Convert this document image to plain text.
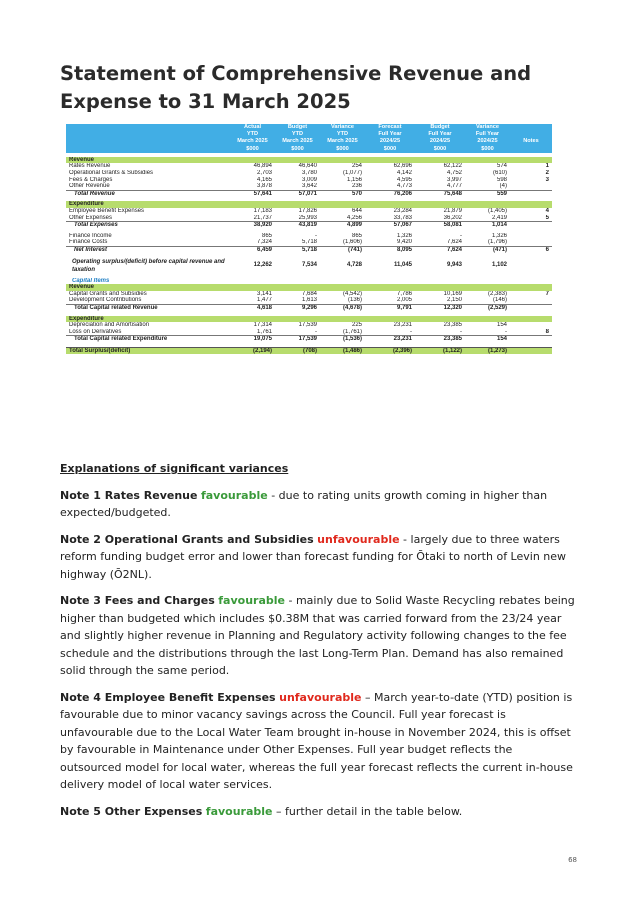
Statement of Comprehensive Revenue and Expense to 31 March 2025
	Actual	Budget	Variance	Forecast	Budget	Variance	
	YTD	YTD	YTD	Full Year	Full Year	Full Year	
	March 2025	March 2025	March 2025	2024/25	2024/25	2024/25	Notes
	$000	$000	$000	$000	$000	$000	

Revenue							
Rates Revenue	46,894	46,640	254	62,696	62,122	574	1
Operational Grants & Subsidies	2,703	3,780	(1,077)	4,142	4,752	(610)	2
Fees & Charges	4,165	3,009	1,156	4,595	3,997	598	3
Other Revenue	3,878	3,642	236	4,773	4,777	(4)	
Total Revenue	57,641	57,071	570	76,206	75,648	559	

Expenditure							
Employee Benefit Expenses	17,183	17,826	644	23,284	21,879	(1,405)	4
Other Expenses	21,737	25,993	4,256	33,783	36,202	2,419	5
Total Expenses	38,920	43,819	4,899	57,067	58,081	1,014	

Finance Income	865	-	865	1,326	-	1,326	
Finance Costs	7,324	5,718	(1,606)	9,420	7,624	(1,796)	
Net Interest	6,459	5,718	(741)	8,095	7,624	(471)	6

Operating surplus/(deficit) before capital revenue and taxation	12,262	7,534	4,728	11,045	9,943	1,102	

Capital Items							
Revenue							
Capital Grants and Subsidies	3,141	7,684	(4,542)	7,786	10,169	(2,383)	7
Development Contributions	1,477	1,613	(136)	2,005	2,150	(146)	
Total Capital related Revenue	4,618	9,296	(4,678)	9,791	12,320	(2,529)	

Expenditure							
Depreciation and Amortisation	17,314	17,539	225	23,231	23,385	154	
Loss on Derivatives	1,761	-	(1,761)	-	-	-	8
Total Capital related Expenditure	19,075	17,539	(1,536)	23,231	23,385	154	

Total Surplus/(deficit)	(2,194)	(708)	(1,486)	(2,396)	(1,122)	(1,273)	
Explanations of significant variances

Note 1 Rates Revenue favourable - due to rating units growth coming in higher than expected/budgeted.

Note 2 Operational Grants and Subsidies unfavourable - largely due to three waters reform funding budget error and lower than forecast funding for Ōtaki to north of Levin new highway (Ō2NL).

Note 3 Fees and Charges favourable - mainly due to Solid Waste Recycling rebates being higher than budgeted which includes $0.38M that was carried forward from the 23/24 year and slightly higher revenue in Planning and Regulatory activity following changes to the fee schedule and the distributions through the last Long-Term Plan. Demand has also remained solid through the same period.

Note 4 Employee Benefit Expenses unfavourable – March year-to-date (YTD) position is favourable due to minor vacancy savings across the Council. Full year forecast is unfavourable due to the Local Water Team brought in-house in November 2024, this is offset by favourable in Maintenance under Other Expenses. Full year budget reflects the outsourced model for local water, whereas the full year forecast reflects the current in-house delivery model of local water services.

Note 5 Other Expenses favourable – further detail in the table below.

68
